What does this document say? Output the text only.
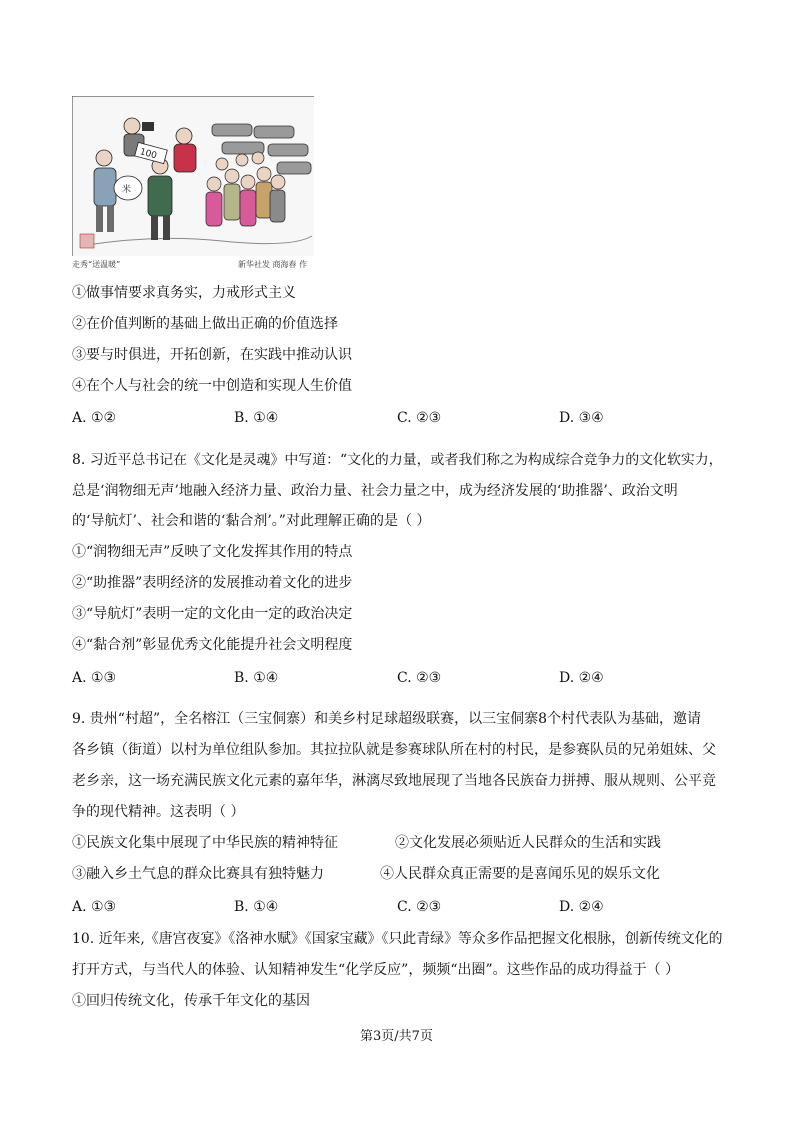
米
100
走秀“送温暖”	新华社发 商海春 作
①做事情要求真务实，力戒形式主义
②在价值判断的基础上做出正确的价值选择
③要与时俱进，开拓创新，在实践中推动认识
④在个人与社会的统一中创造和实现人生价值
A. ①②	B. ①④	C. ②③	D. ③④
8. 习近平总书记在《文化是灵魂》中写道：“文化的力量，或者我们称之为构成综合竞争力的文化软实力，
总是‘润物细无声’地融入经济力量、政治力量、社会力量之中，成为经济发展的‘助推器’、政治文明
的‘导航灯’、社会和谐的‘黏合剂’。”对此理解正确的是（ ）
①“润物细无声”反映了文化发挥其作用的特点
②“助推器”表明经济的发展推动着文化的进步
③“导航灯”表明一定的文化由一定的政治决定
④“黏合剂”彰显优秀文化能提升社会文明程度
A. ①③	B. ①④	C. ②③	D. ②④
9. 贵州“村超”，全名榕江（三宝侗寨）和美乡村足球超级联赛，以三宝侗寨8个村代表队为基础，邀请
各乡镇（街道）以村为单位组队参加。其拉拉队就是参赛球队所在村的村民，是参赛队员的兄弟姐妹、父
老乡亲，这一场充满民族文化元素的嘉年华，淋漓尽致地展现了当地各民族奋力拼搏、服从规则、公平竞
争的现代精神。这表明（ ）
①民族文化集中展现了中华民族的精神特征	②文化发展必须贴近人民群众的生活和实践
③融入乡土气息的群众比赛具有独特魅力	④人民群众真正需要的是喜闻乐见的娱乐文化
A. ①③	B. ①④	C. ②③	D. ②④
10. 近年来,《唐宫夜宴》《洛神水赋》《国家宝藏》《只此青绿》等众多作品把握文化根脉，创新传统文化的
打开方式，与当代人的体验、认知精神发生“化学反应”，频频“出圈”。这些作品的成功得益于（ ）
①回归传统文化，传承千年文化的基因
第3页/共7页
